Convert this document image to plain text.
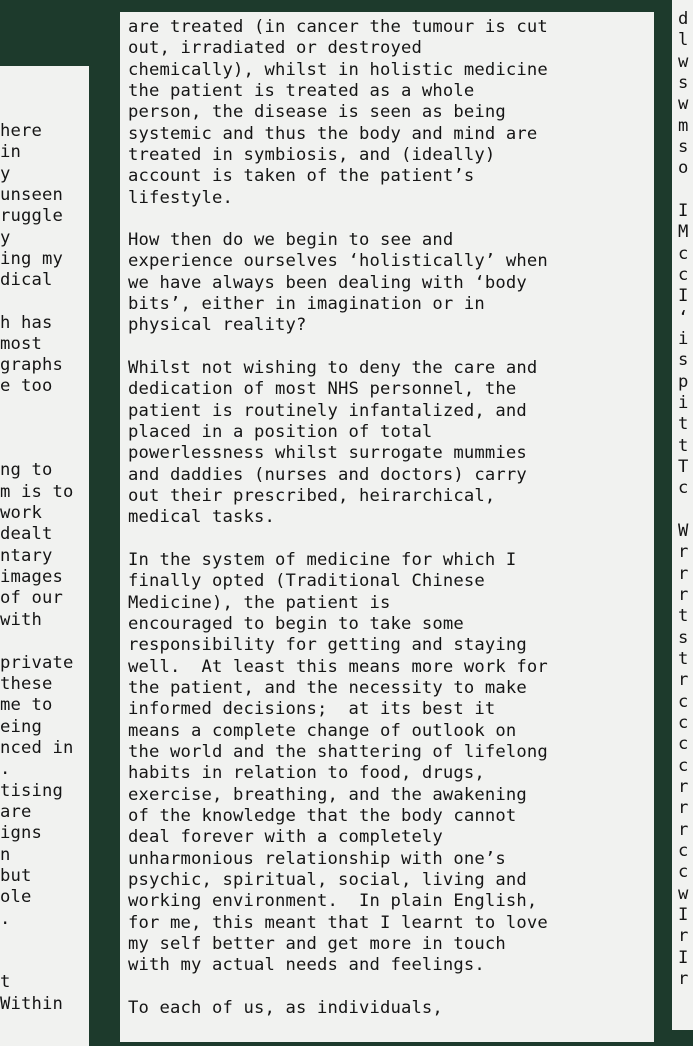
here
in
y
unseen
ruggle
y
ing my
dical
h has
most
graphs
e too
ng to
m is to
work
dealt
ntary
images
of our
with
private
these
me to
eing
nced in
.
tising
are
igns
n
but
ole
.
t
Within
are treated (in cancer the tumour is cut
out, irradiated or destroyed
chemically), whilst in holistic medicine
the patient is treated as a whole
person, the disease is seen as being
systemic and thus the body and mind are
treated in symbiosis, and (ideally)
account is taken of the patient’s
lifestyle.
How then do we begin to see and
experience ourselves ‘holistically’ when
we have always been dealing with ‘body
bits’, either in imagination or in
physical reality?
Whilst not wishing to deny the care and
dedication of most NHS personnel, the
patient is routinely infantalized, and
placed in a position of total
powerlessness whilst surrogate mummies
and daddies (nurses and doctors) carry
out their prescribed, heirarchical,
medical tasks.
In the system of medicine for which I
finally opted (Traditional Chinese
Medicine), the patient is
encouraged to begin to take some
responsibility for getting and staying
well.  At least this means more work for
the patient, and the necessity to make
informed decisions;  at its best it
means a complete change of outlook on
the world and the shattering of lifelong
habits in relation to food, drugs,
exercise, breathing, and the awakening
of the knowledge that the body cannot
deal forever with a completely
unharmonious relationship with one’s
psychic, spiritual, social, living and
working environment.  In plain English,
for me, this meant that I learnt to love
my self better and get more in touch
with my actual needs and feelings.
To each of us, as individuals,
d
l
w
s
w
m
s
o
I
M
c
c
I
‘
i
s
p
i
t
t
T
c
W
r
r
r
t
s
t
r
c
c
c
c
r
r
r
c
c
w
I
r
I
r
